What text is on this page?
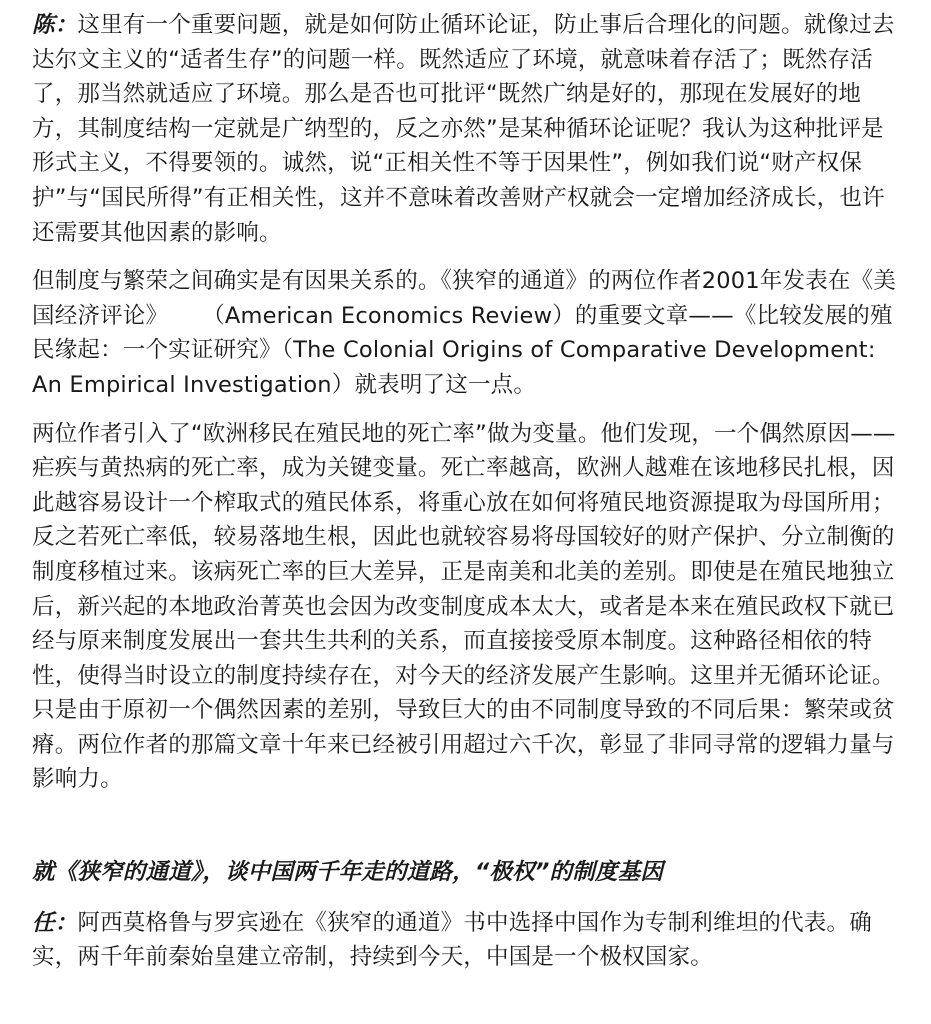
陈：这里有一个重要问题，就是如何防止循环论证，防止事后合理化的问题。就像过去达尔文主义的“适者生存”的问题一样。既然适应了环境，就意味着存活了；既然存活了，那当然就适应了环境。那么是否也可批评“既然广纳是好的，那现在发展好的地方，其制度结构一定就是广纳型的，反之亦然”是某种循环论证呢？我认为这种批评是形式主义，不得要领的。诚然，说“正相关性不等于因果性”，例如我们说“财产权保护”与“国民所得”有正相关性，这并不意味着改善财产权就会一定增加经济成长，也许还需要其他因素的影响。

但制度与繁荣之间确实是有因果关系的。《狭窄的通道》的两位作者2001年发表在《美国经济评论》 （American Economics Review）的重要文章——《比较发展的殖民缘起：一个实证研究》（The Colonial Origins of Comparative Development: An Empirical Investigation）就表明了这一点。

两位作者引入了“欧洲移民在殖民地的死亡率”做为变量。他们发现，一个偶然原因——疟疾与黄热病的死亡率，成为关键变量。死亡率越高，欧洲人越难在该地移民扎根，因此越容易设计一个榨取式的殖民体系，将重心放在如何将殖民地资源提取为母国所用；反之若死亡率低，较易落地生根，因此也就较容易将母国较好的财产保护、分立制衡的制度移植过来。该病死亡率的巨大差异，正是南美和北美的差别。即使是在殖民地独立后，新兴起的本地政治菁英也会因为改变制度成本太大，或者是本来在殖民政权下就已经与原来制度发展出一套共生共利的关系，而直接接受原本制度。这种路径相依的特性，使得当时设立的制度持续存在，对今天的经济发展产生影响。这里并无循环论证。只是由于原初一个偶然因素的差别，导致巨大的由不同制度导致的不同后果：繁荣或贫瘠。两位作者的那篇文章十年来已经被引用超过六千次，彰显了非同寻常的逻辑力量与影响力。

就《狭窄的通道》，谈中国两千年走的道路，“极权”的制度基因

任：阿西莫格鲁与罗宾逊在《狭窄的通道》书中选择中国作为专制利维坦的代表。确实，两千年前秦始皇建立帝制，持续到今天，中国是一个极权国家。
